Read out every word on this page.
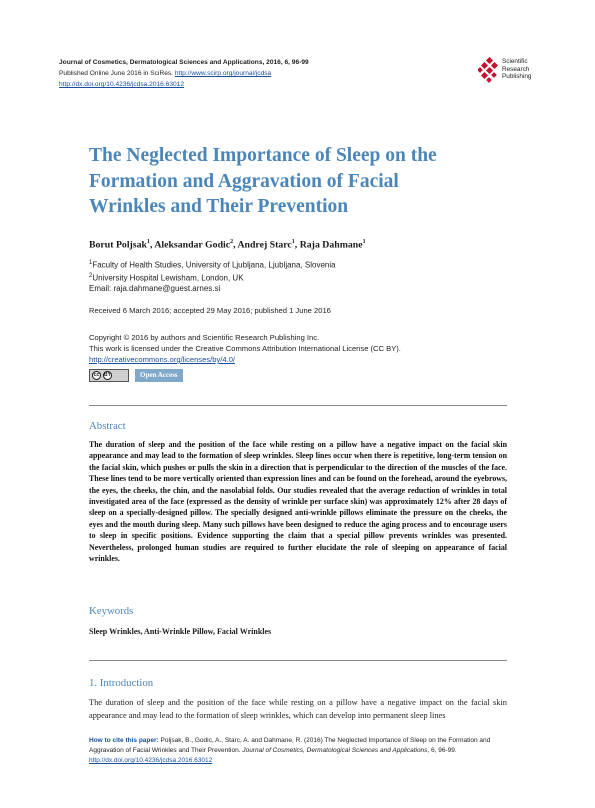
Journal of Cosmetics, Dermatological Sciences and Applications, 2016, 6, 96-99
Published Online June 2016 in SciRes. http://www.scirp.org/journal/jcdsa
http://dx.doi.org/10.4236/jcdsa.2016.63012
Scientific
Research
Publishing
The Neglected Importance of Sleep on the
Formation and Aggravation of Facial
Wrinkles and Their Prevention
Borut Poljsak$^1$, Aleksandar Godic$^2$, Andrej Starc$^1$, Raja Dahmane$^1$
$^1$Faculty of Health Studies, University of Ljubljana, Ljubljana, Slovenia
$^2$University Hospital Lewisham, London, UK
Email: raja.dahmane@guest.arnes.si
Received 6 March 2016; accepted 29 May 2016; published 1 June 2016
Copyright © 2016 by authors and Scientific Research Publishing Inc.
This work is licensed under the Creative Commons Attribution International License (CC BY).
http://creativecommons.org/licenses/by/4.0/
cc BY	Open Access
Abstract

The duration of sleep and the position of the face while resting on a pillow have a negative impact on the facial skin appearance and may lead to the formation of sleep wrinkles. Sleep lines occur when there is repetitive, long-term tension on the facial skin, which pushes or pulls the skin in a direction that is perpendicular to the direction of the muscles of the face. These lines tend to be more vertically oriented than expression lines and can be found on the forehead, around the eyebrows, the eyes, the cheeks, the chin, and the nasolabial folds. Our studies revealed that the average reduction of wrinkles in total investigated area of the face (expressed as the density of wrinkle per surface skin) was approximately 12% after 28 days of sleep on a specially-designed pillow. The specially designed anti-wrinkle pillows eliminate the pressure on the cheeks, the eyes and the mouth during sleep. Many such pillows have been designed to reduce the aging process and to encourage users to sleep in specific positions. Evidence supporting the claim that a special pillow prevents wrinkles was presented. Nevertheless, prolonged human studies are required to further elucidate the role of sleeping on appearance of facial wrinkles.

Keywords
Sleep Wrinkles, Anti-Wrinkle Pillow, Facial Wrinkles
1. Introduction

The duration of sleep and the position of the face while resting on a pillow have a negative impact on the facial skin appearance and may lead to the formation of sleep wrinkles, which can develop into permanent sleep lines

How to cite this paper: Poljsak, B., Godic, A., Starc, A. and Dahmane, R. (2016) The Neglected Importance of Sleep on the Formation and Aggravation of Facial Wrinkles and Their Prevention. Journal of Cosmetics, Dermatological Sciences and Applications, 6, 96-99. http://dx.doi.org/10.4236/jcdsa.2016.63012
